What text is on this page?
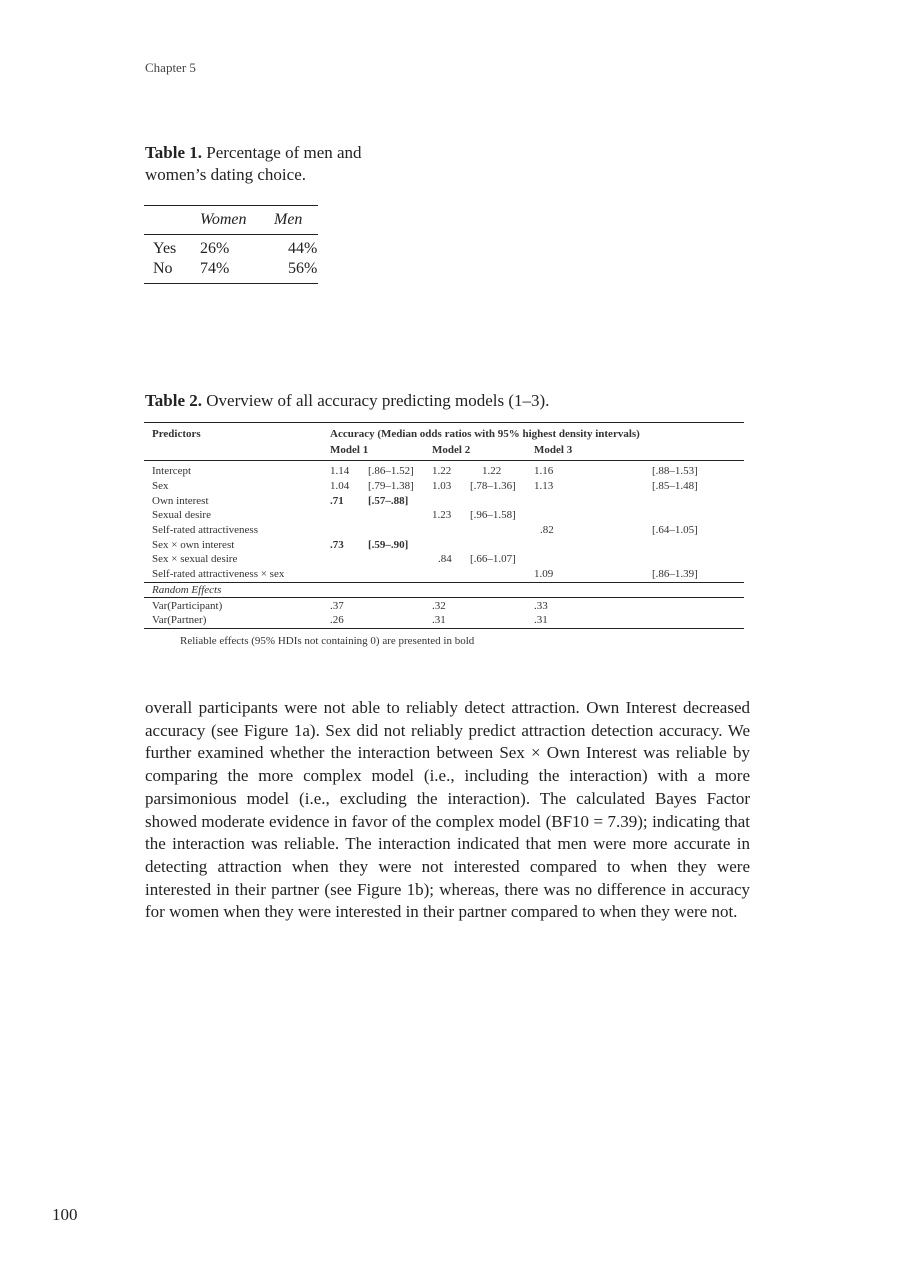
Chapter 5
Table 1. Percentage of men and women’s dating choice.
	Women	Men
Yes	26%	44%
No	74%	56%
Table 2. Overview of all accuracy predicting models (1–3).
Predictors	Accuracy (Median odds ratios with 95% highest density intervals)					
	Model 1		Model 2		Model 3	
Intercept	1.14	[.86–1.52]	1.22	1.22	1.16	[.88–1.53]
Sex	1.04	[.79–1.38]	1.03	[.78–1.36]	1.13	[.85–1.48]
Own interest	.71	[.57–.88]				
Sexual desire			1.23	[.96–1.58]		
Self-rated attractiveness					.82	[.64–1.05]
Sex × own interest	.73	[.59–.90]				
Sex × sexual desire			.84	[.66–1.07]		
Self-rated attractiveness × sex					1.09	[.86–1.39]
Random Effects						
Var(Participant)	.37		.32		.33	
Var(Partner)	.26		.31		.31	
Reliable effects (95% HDIs not containing 0) are presented in bold

overall participants were not able to reliably detect attraction. Own Interest decreased accuracy (see Figure 1a). Sex did not reliably predict attraction detection accuracy. We further examined whether the interaction between Sex × Own Interest was reliable by comparing the more complex model (i.e., including the interaction) with a more parsimonious model (i.e., excluding the interaction). The calculated Bayes Factor showed moderate evidence in favor of the complex model (BF10 = 7.39); indicating that the interaction was reliable. The interaction indicated that men were more accurate in detecting attraction when they were not interested compared to when they were interested in their partner (see Figure 1b); whereas, there was no difference in accuracy for women when they were interested in their partner compared to when they were not.

100
